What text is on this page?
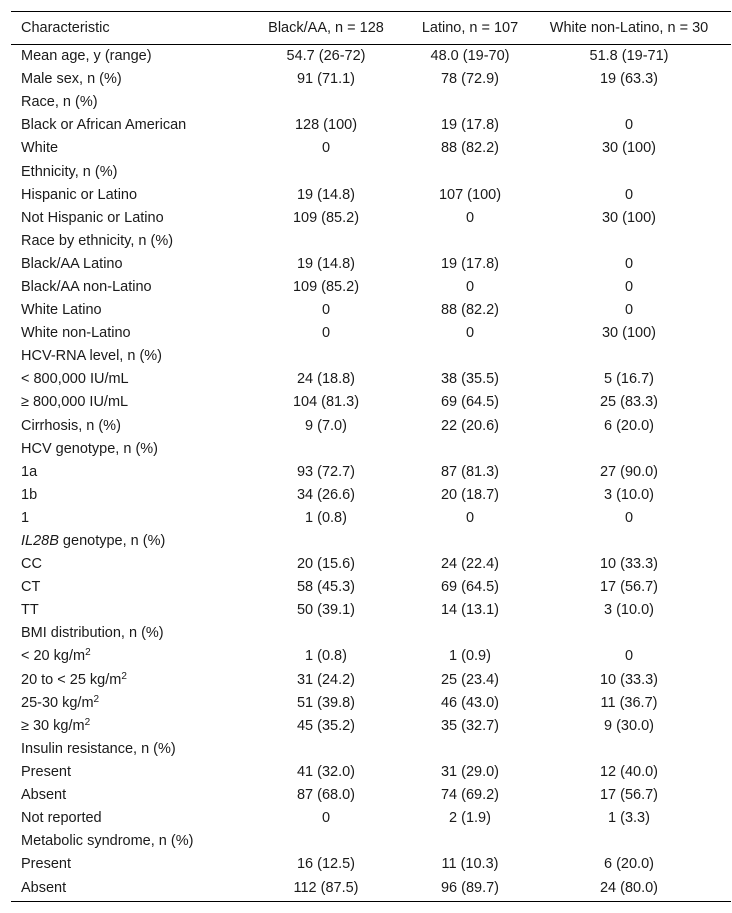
Characteristic	Black/AA, n = 128	Latino, n = 107	White non-Latino, n = 30
Mean age, y (range)	54.7 (26-72)	48.0 (19-70)	51.8 (19-71)
Male sex, n (%)	91 (71.1)	78 (72.9)	19 (63.3)
Race, n (%)			
Black or African American	128 (100)	19 (17.8)	0
White	0	88 (82.2)	30 (100)
Ethnicity, n (%)			
Hispanic or Latino	19 (14.8)	107 (100)	0
Not Hispanic or Latino	109 (85.2)	0	30 (100)
Race by ethnicity, n (%)			
Black/AA Latino	19 (14.8)	19 (17.8)	0
Black/AA non-Latino	109 (85.2)	0	0
White Latino	0	88 (82.2)	0
White non-Latino	0	0	30 (100)
HCV-RNA level, n (%)			
< 800,000 IU/mL	24 (18.8)	38 (35.5)	5 (16.7)
≥ 800,000 IU/mL	104 (81.3)	69 (64.5)	25 (83.3)
Cirrhosis, n (%)	9 (7.0)	22 (20.6)	6 (20.0)
HCV genotype, n (%)			
1a	93 (72.7)	87 (81.3)	27 (90.0)
1b	34 (26.6)	20 (18.7)	3 (10.0)
1	1 (0.8)	0	0
IL28B genotype, n (%)			
CC	20 (15.6)	24 (22.4)	10 (33.3)
CT	58 (45.3)	69 (64.5)	17 (56.7)
TT	50 (39.1)	14 (13.1)	3 (10.0)
BMI distribution, n (%)			
< 20 $kg/m^2$	1 (0.8)	1 (0.9)	0
20 to < 25 $kg/m^2$	31 (24.2)	25 (23.4)	10 (33.3)
25-30 $kg/m^2$	51 (39.8)	46 (43.0)	11 (36.7)
≥ 30 $kg/m^2$	45 (35.2)	35 (32.7)	9 (30.0)
Insulin resistance, n (%)			
Present	41 (32.0)	31 (29.0)	12 (40.0)
Absent	87 (68.0)	74 (69.2)	17 (56.7)
Not reported	0	2 (1.9)	1 (3.3)
Metabolic syndrome, n (%)			
Present	16 (12.5)	11 (10.3)	6 (20.0)
Absent	112 (87.5)	96 (89.7)	24 (80.0)
